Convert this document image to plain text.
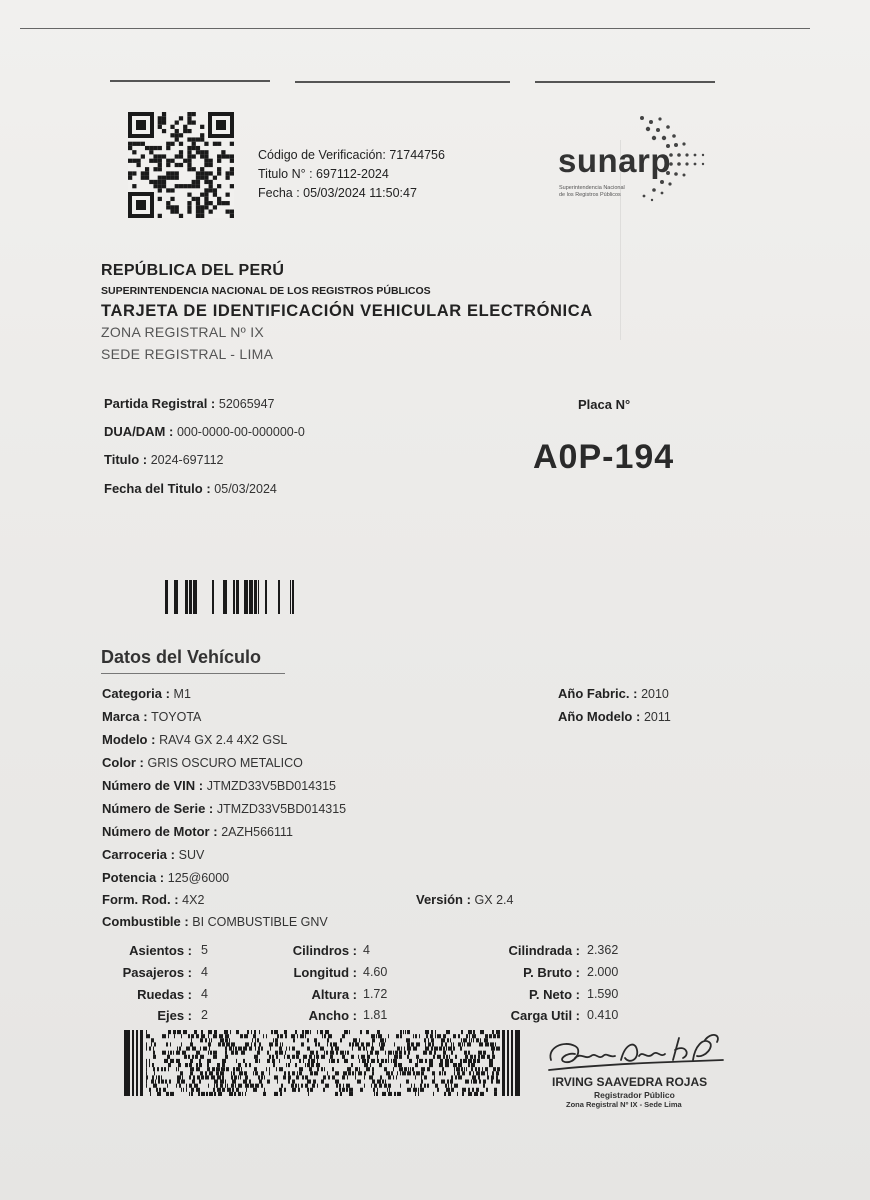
Código de Verificación: 71744756
Titulo N° : 697112-2024
Fecha : 05/03/2024 11:50:47
sunarp
Superintendencia Nacional
de los Registros Públicos
REPÚBLICA DEL PERÚ
SUPERINTENDENCIA NACIONAL DE LOS REGISTROS PÚBLICOS
TARJETA DE IDENTIFICACIÓN VEHICULAR ELECTRÓNICA
ZONA REGISTRAL Nº IX
SEDE REGISTRAL - LIMA
Partida Registral : 52065947
DUA/DAM : 000-0000-00-000000-0
Titulo : 2024-697112
Fecha del Titulo : 05/03/2024
Placa N°
A0P-194
Datos del Vehículo
Categoria : M1
Marca : TOYOTA
Modelo : RAV4 GX 2.4 4X2 GSL
Color : GRIS OSCURO METALICO
Número de VIN : JTMZD33V5BD014315
Número de Serie : JTMZD33V5BD014315
Número de Motor : 2AZH566111
Carroceria : SUV
Potencia : 125@6000
Form. Rod. : 4X2	Versión : GX 2.4
Combustible : BI COMBUSTIBLE GNV
Año Fabric. : 2010
Año Modelo : 2011
Asientos : 5
Pasajeros : 4
Ruedas : 4
Ejes : 2
Cilindros : 4
Longitud : 4.60
Altura : 1.72
Ancho : 1.81
Cilindrada : 2.362
P. Bruto : 2.000
P. Neto : 1.590
Carga Util : 0.410
IRVING SAAVEDRA ROJAS
Registrador Público
Zona Registral Nº IX - Sede Lima
